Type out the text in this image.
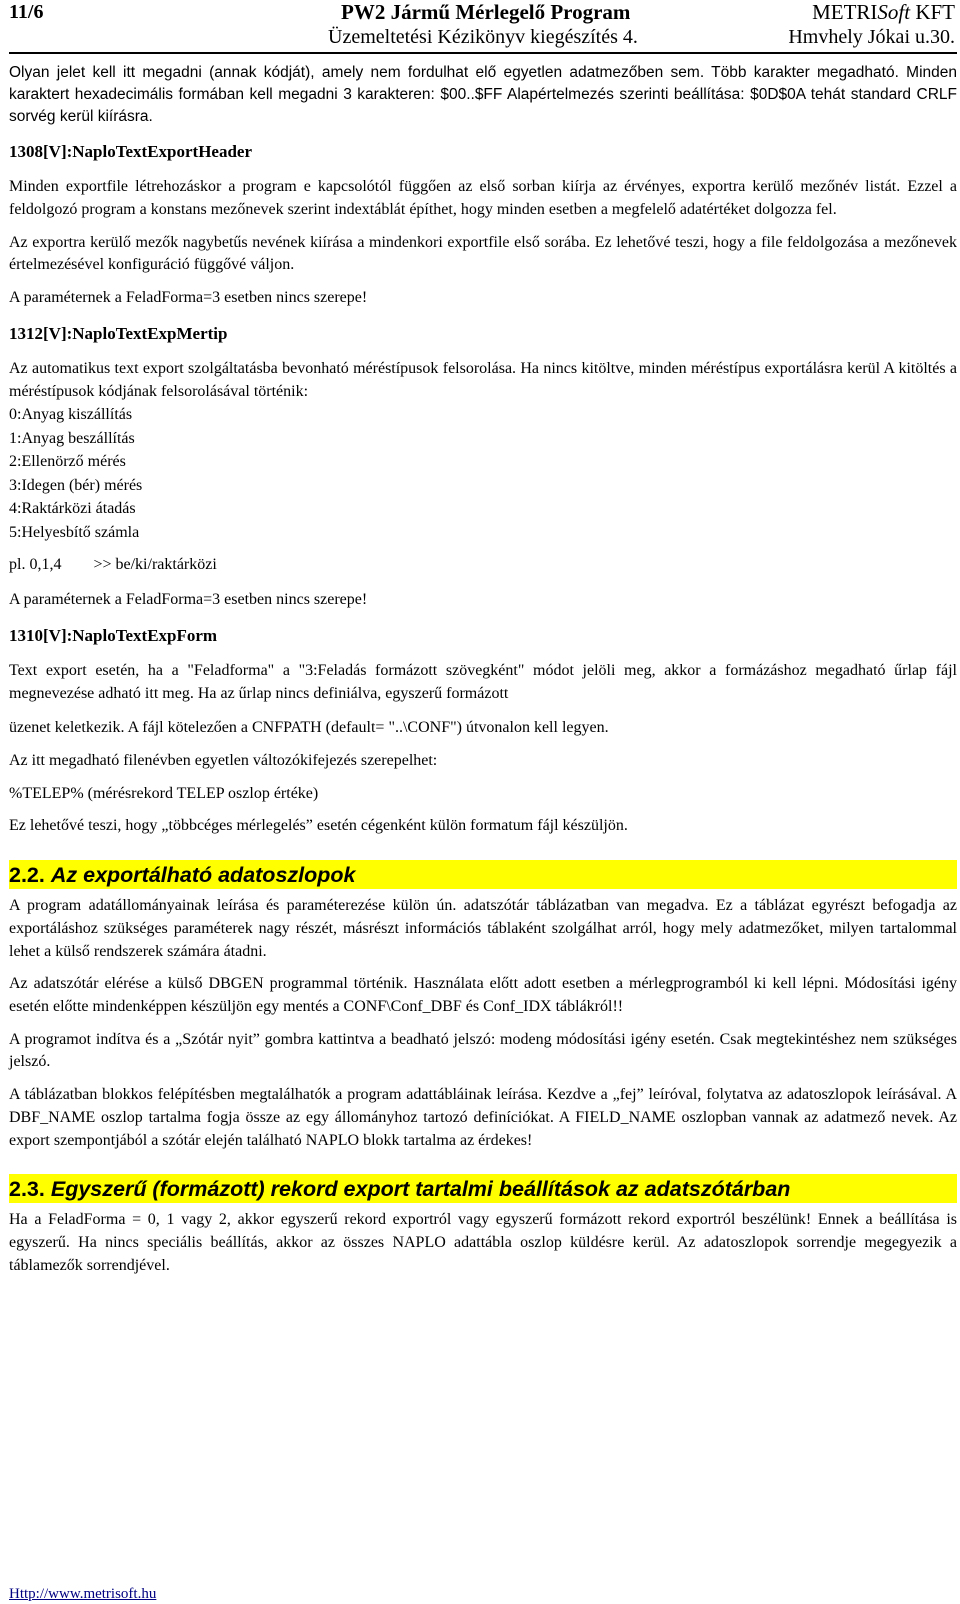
11/6	PW2 Jármű Mérlegelő Program	METRISoft KFT
Üzemeltetési Kézikönyv kiegészítés 4.	Hmvhely Jókai u.30.

Olyan jelet kell itt megadni (annak kódját), amely nem fordulhat elő egyetlen adatmezőben sem. Több karakter megadható. Minden karaktert hexadecimális formában kell megadni 3 karakteren: $00..$FF Alapértelmezés szerinti beállítása: $0D$0A tehát standard CRLF sorvég kerül kiírásra.

1308[V]:NaploTextExportHeader

Minden exportfile létrehozáskor a program e kapcsolótól függően az első sorban kiírja az érvényes, exportra kerülő mezőnév listát. Ezzel a feldolgozó program a konstans mezőnevek szerint indextáblát építhet, hogy minden esetben a megfelelő adatértéket dolgozza fel.

Az exportra kerülő mezők nagybetűs nevének kiírása a mindenkori exportfile első sorába. Ez lehetővé teszi, hogy a file feldolgozása a mezőnevek értelmezésével konfiguráció függővé váljon.

A paraméternek a FeladForma=3 esetben nincs szerepe!

1312[V]:NaploTextExpMertip

Az automatikus text export szolgáltatásba bevonható méréstípusok felsorolása. Ha nincs kitöltve, minden méréstípus exportálásra kerül A kitöltés a méréstípusok kódjának felsorolásával történik:

0:Anyag kiszállítás
1:Anyag beszállítás
2:Ellenörző mérés
3:Idegen (bér) mérés
4:Raktárközi átadás
5:Helyesbítő számla
pl. 0,1,4 >> be/ki/raktárközi

A paraméternek a FeladForma=3 esetben nincs szerepe!

1310[V]:NaploTextExpForm

Text export esetén, ha a "Feladforma" a "3:Feladás formázott szövegként" módot jelöli meg, akkor a formázáshoz megadható űrlap fájl megnevezése adható itt meg. Ha az űrlap nincs definiálva, egyszerű formázott

üzenet keletkezik. A fájl kötelezően a CNFPATH (default= "..\CONF") útvonalon kell legyen.

Az itt megadható filenévben egyetlen változókifejezés szerepelhet:

%TELEP% (mérésrekord TELEP oszlop értéke)

Ez lehetővé teszi, hogy „többcéges mérlegelés” esetén cégenként külön formatum fájl készüljön.

2.2. Az exportálható adatoszlopok

A program adatállományainak leírása és paraméterezése külön ún. adatszótár táblázatban van megadva. Ez a táblázat egyrészt befogadja az exportáláshoz szükséges paraméterek nagy részét, másrészt információs táblaként szolgálhat arról, hogy mely adatmezőket, milyen tartalommal lehet a külső rendszerek számára átadni.

Az adatszótár elérése a külső DBGEN programmal történik. Használata előtt adott esetben a mérlegprogramból ki kell lépni. Módosítási igény esetén előtte mindenképpen készüljön egy mentés a CONF\Conf_DBF és Conf_IDX táblákról!!

A programot indítva és a „Szótár nyit” gombra kattintva a beadható jelszó: modeng módosítási igény esetén. Csak megtekintéshez nem szükséges jelszó.

A táblázatban blokkos felépítésben megtalálhatók a program adattábláinak leírása. Kezdve a „fej” leíróval, folytatva az adatoszlopok leírásával. A DBF_NAME oszlop tartalma fogja össze az egy állományhoz tartozó definíciókat. A FIELD_NAME oszlopban vannak az adatmező nevek. Az export szempontjából a szótár elején található NAPLO blokk tartalma az érdekes!

2.3. Egyszerű (formázott) rekord export tartalmi beállítások az adatszótárban

Ha a FeladForma = 0, 1 vagy 2, akkor egyszerű rekord exportról vagy egyszerű formázott rekord exportról beszélünk! Ennek a beállítása is egyszerű. Ha nincs speciális beállítás, akkor az összes NAPLO adattábla oszlop küldésre kerül. Az adatoszlopok sorrendje megegyezik a táblamezők sorrendjével.

Http://www.metrisoft.hu
